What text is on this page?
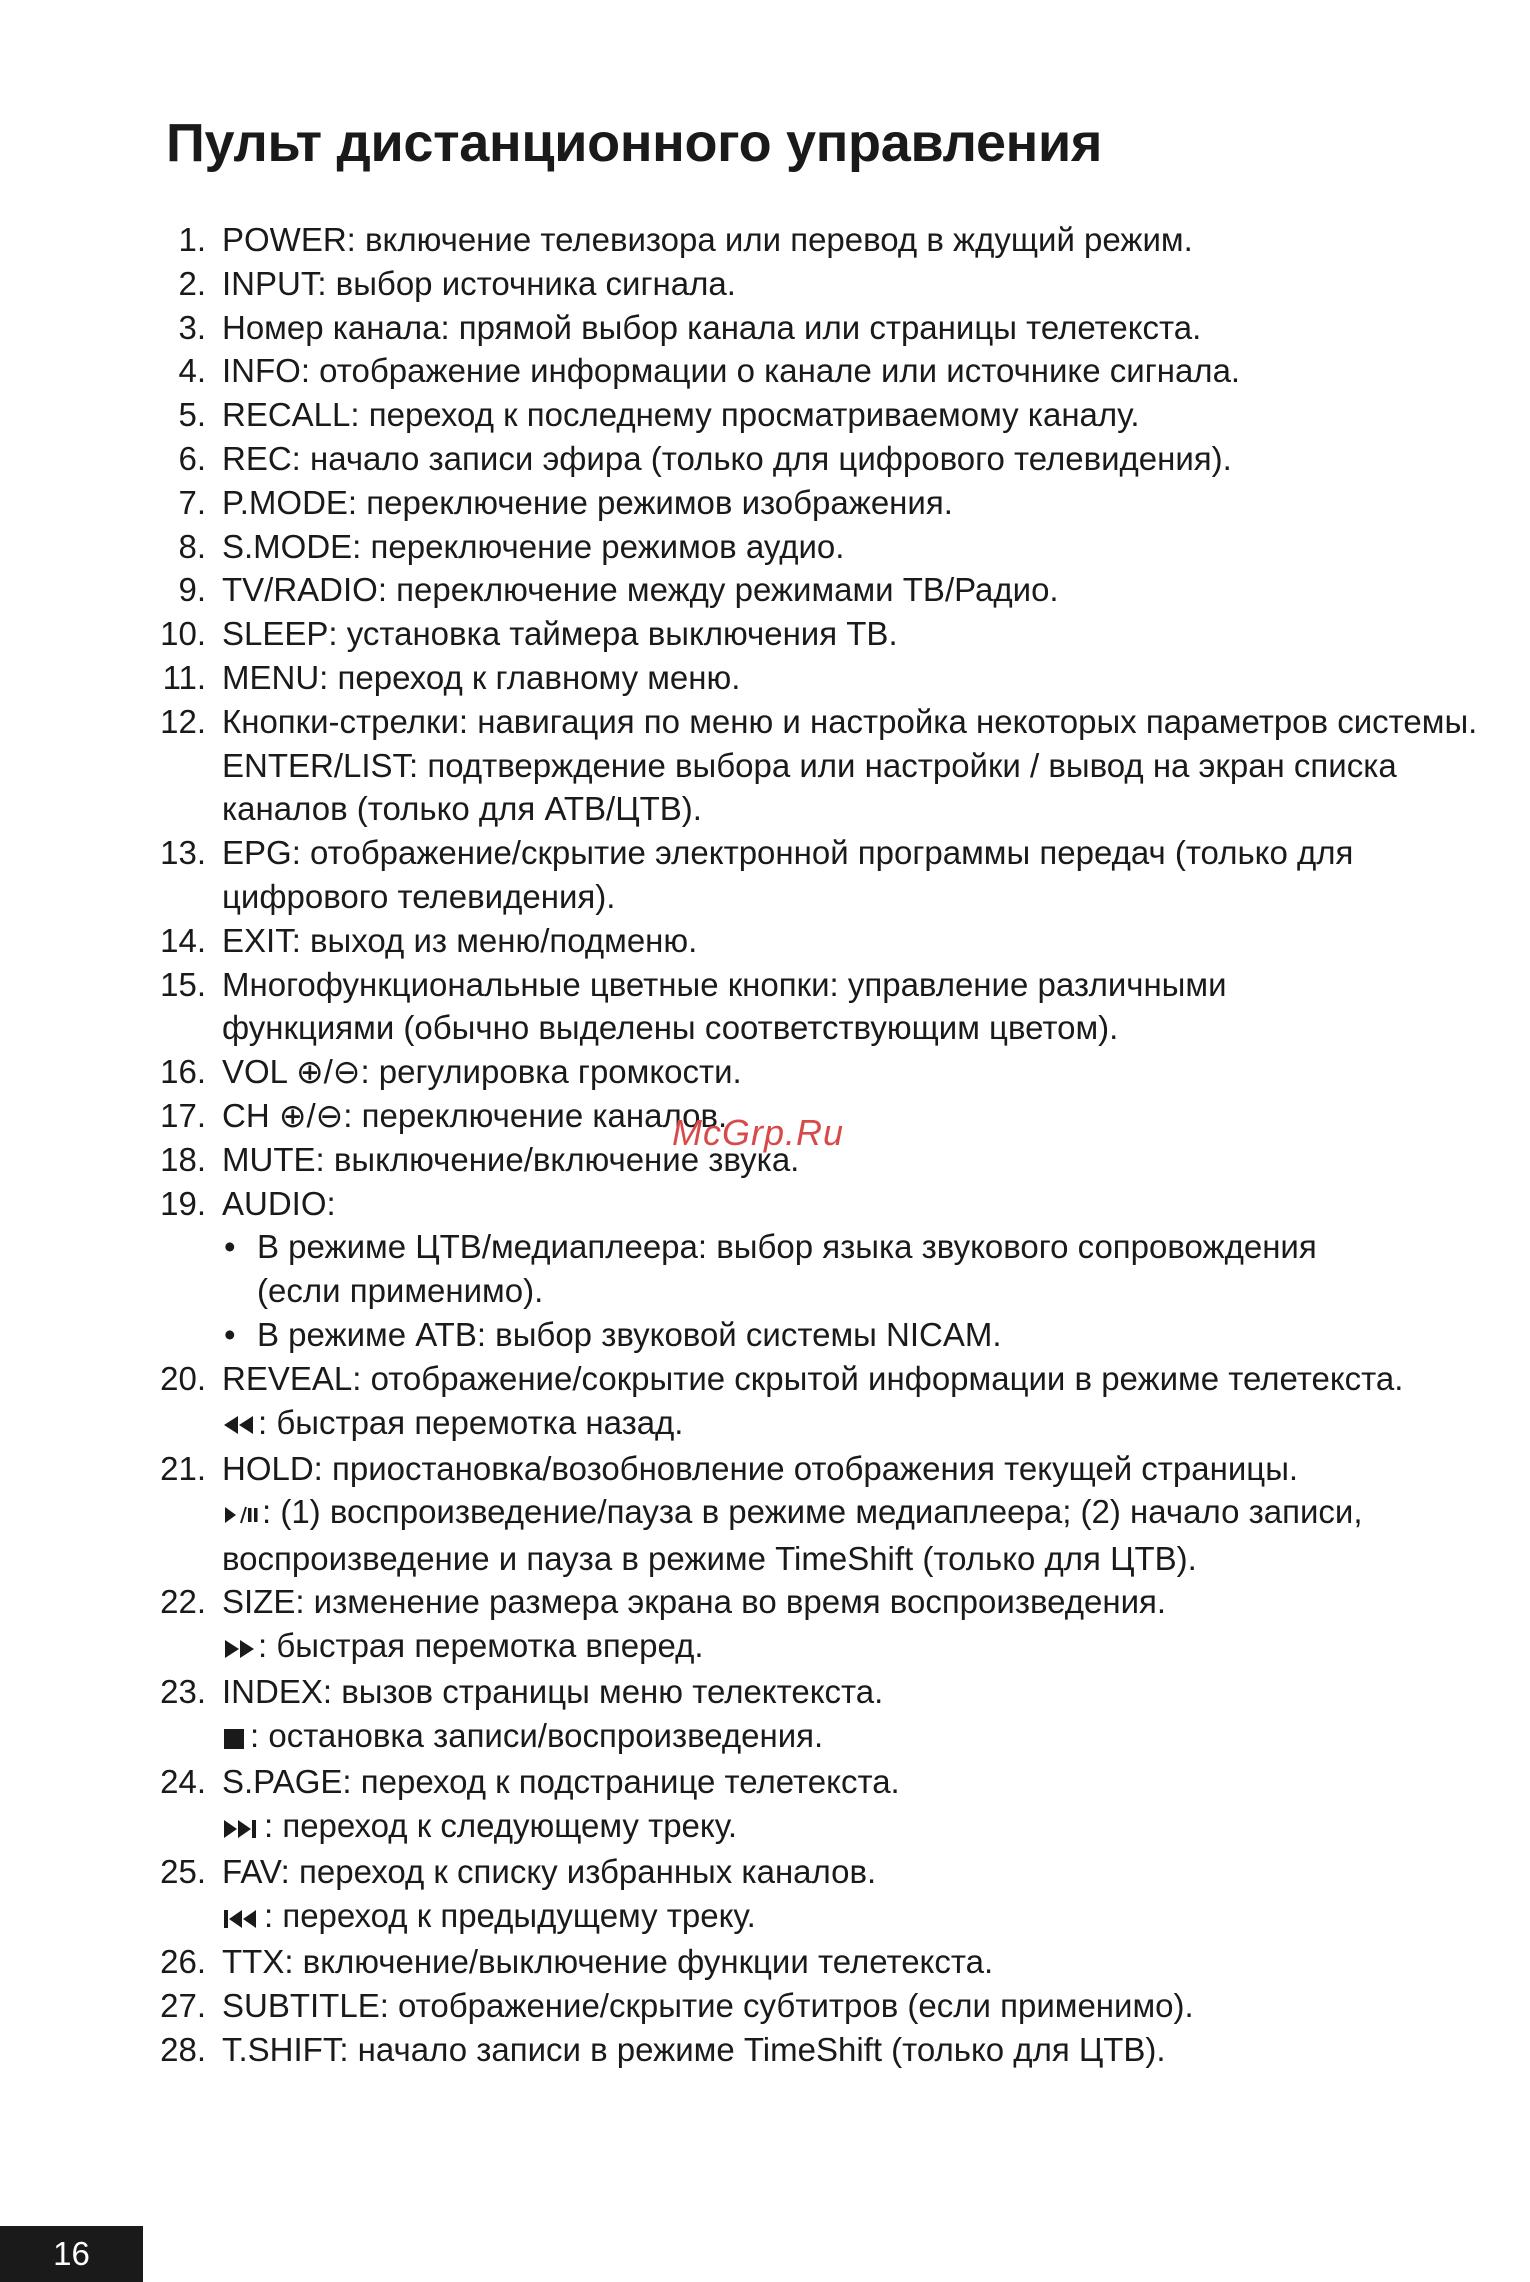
Пульт дистанционного управления
1. POWER: включение телевизора или перевод в ждущий режим.
2. INPUT: выбор источника сигнала.
3. Номер канала: прямой выбор канала или страницы телетекста.
4. INFO: отображение информации о канале или источнике сигнала.
5. RECALL: переход к последнему просматриваемому каналу.
6. REC: начало записи эфира (только для цифрового телевидения).
7. P.MODE: переключение режимов изображения.
8. S.MODE: переключение режимов аудио.
9. TV/RADIO: переключение между режимами ТВ/Радио.
10. SLEEP: установка таймера выключения ТВ.
11. MENU: переход к главному меню.
12. Кнопки-стрелки: навигация по меню и настройка некоторых параметров системы.
ENTER/LIST: подтверждение выбора или настройки / вывод на экран списка
каналов (только для АТВ/ЦТВ).
13. EPG: отображение/скрытие электронной программы передач (только для
цифрового телевидения).
14. EXIT: выход из меню/подменю.
15. Многофункциональные цветные кнопки: управление различными
функциями (обычно выделены соответствующим цветом).
16. VOL ⊕/⊖: регулировка громкости.
17. CH ⊕/⊖: переключение каналов.
18. MUTE: выключение/включение звука.
19. AUDIO:
• В режиме ЦТВ/медиаплеера: выбор языка звукового сопровождения
(если применимо).
• В режиме АТВ: выбор звуковой системы NICAM.
20. REVEAL: отображение/сокрытие скрытой информации в режиме телетекста.
: быстрая перемотка назад.
21. HOLD: приостановка/возобновление отображения текущей страницы.
: (1) воспроизведение/пауза в режиме медиаплеера; (2) начало записи,
воспроизведение и пауза в режиме TimeShift (только для ЦТВ).
22. SIZE: изменение размера экрана во время воспроизведения.
: быстрая перемотка вперед.
23. INDEX: вызов страницы меню телектекста.
: остановка записи/воспроизведения.
24. S.PAGE: переход к подстранице телетекста.
: переход к следующему треку.
25. FAV: переход к списку избранных каналов.
: переход к предыдущему треку.
26. TTX: включение/выключение функции телетекста.
27. SUBTITLE: отображение/скрытие субтитров (если применимо).
28. T.SHIFT: начало записи в режиме TimeShift (только для ЦТВ).
McGrp.Ru
16
